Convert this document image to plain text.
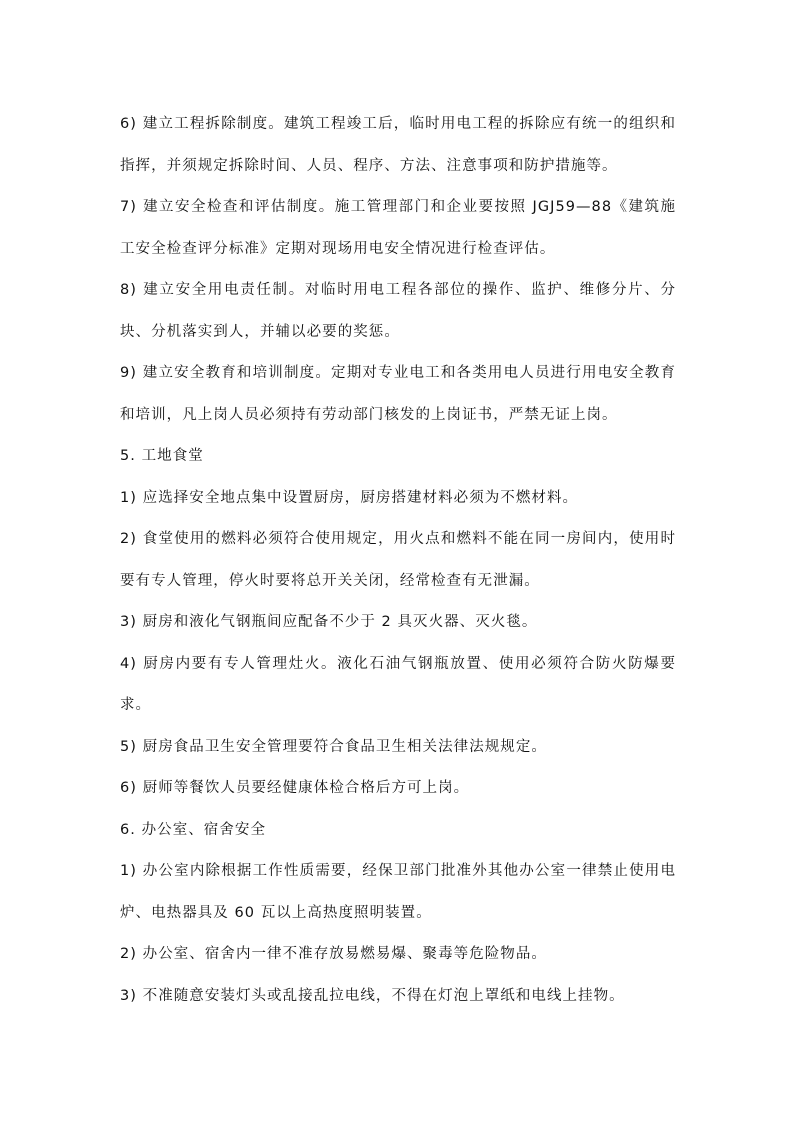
6) 建立工程拆除制度。建筑工程竣工后，临时用电工程的拆除应有统一的组织和指挥，并须规定拆除时间、人员、程序、方法、注意事项和防护措施等。

7) 建立安全检查和评估制度。施工管理部门和企业要按照 JGJ59—88《建筑施工安全检查评分标准》定期对现场用电安全情况进行检查评估。

8) 建立安全用电责任制。对临时用电工程各部位的操作、监护、维修分片、分块、分机落实到人，并辅以必要的奖惩。

9) 建立安全教育和培训制度。定期对专业电工和各类用电人员进行用电安全教育和培训，凡上岗人员必须持有劳动部门核发的上岗证书，严禁无证上岗。

5. 工地食堂

1) 应选择安全地点集中设置厨房，厨房搭建材料必须为不燃材料。

2) 食堂使用的燃料必须符合使用规定，用火点和燃料不能在同一房间内，使用时要有专人管理，停火时要将总开关关闭，经常检查有无泄漏。

3) 厨房和液化气钢瓶间应配备不少于 2 具灭火器、灭火毯。

4) 厨房内要有专人管理灶火。液化石油气钢瓶放置、使用必须符合防火防爆要求。

5) 厨房食品卫生安全管理要符合食品卫生相关法律法规规定。

6) 厨师等餐饮人员要经健康体检合格后方可上岗。

6. 办公室、宿舍安全

1) 办公室内除根据工作性质需要，经保卫部门批准外其他办公室一律禁止使用电炉、电热器具及 60 瓦以上高热度照明装置。

2) 办公室、宿舍内一律不准存放易燃易爆、聚毒等危险物品。

3) 不准随意安装灯头或乱接乱拉电线，不得在灯泡上罩纸和电线上挂物。
